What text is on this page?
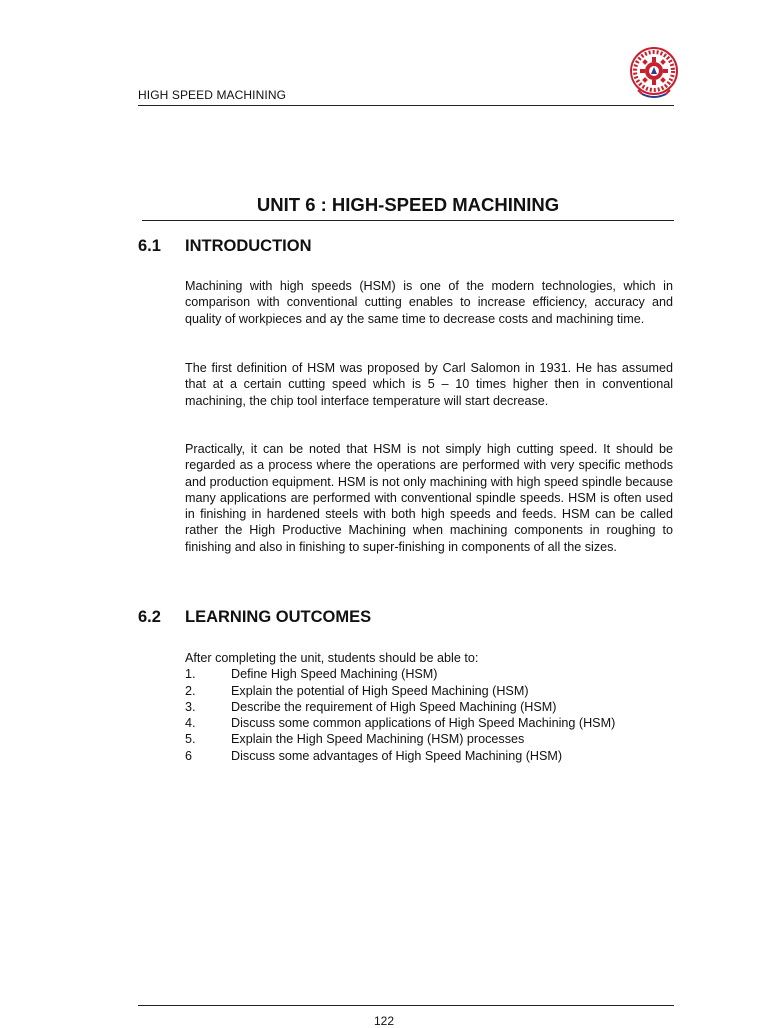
HIGH SPEED MACHINING
UNIT 6 : HIGH-SPEED MACHINING
6.1 INTRODUCTION

Machining with high speeds (HSM) is one of the modern technologies, which in comparison with conventional cutting enables to increase efficiency, accuracy and quality of workpieces and ay the same time to decrease costs and machining time.

The first definition of HSM was proposed by Carl Salomon in 1931. He has assumed that at a certain cutting speed which is 5 – 10 times higher then in conventional machining, the chip tool interface temperature will start decrease.

Practically, it can be noted that HSM is not simply high cutting speed. It should be regarded as a process where the operations are performed with very specific methods and production equipment. HSM is not only machining with high speed spindle because many applications are performed with conventional spindle speeds. HSM is often used in finishing in hardened steels with both high speeds and feeds. HSM can be called rather the High Productive Machining when machining components in roughing to finishing and also in finishing to super-finishing in components of all the sizes.

6.2 LEARNING OUTCOMES
After completing the unit, students should be able to:
1.	Define High Speed Machining (HSM)
2.	Explain the potential of High Speed Machining (HSM)
3.	Describe the requirement of High Speed Machining (HSM)
4.	Discuss some common applications of High Speed Machining (HSM)
5.	Explain the High Speed Machining (HSM) processes
6	Discuss some advantages of High Speed Machining (HSM)
122
